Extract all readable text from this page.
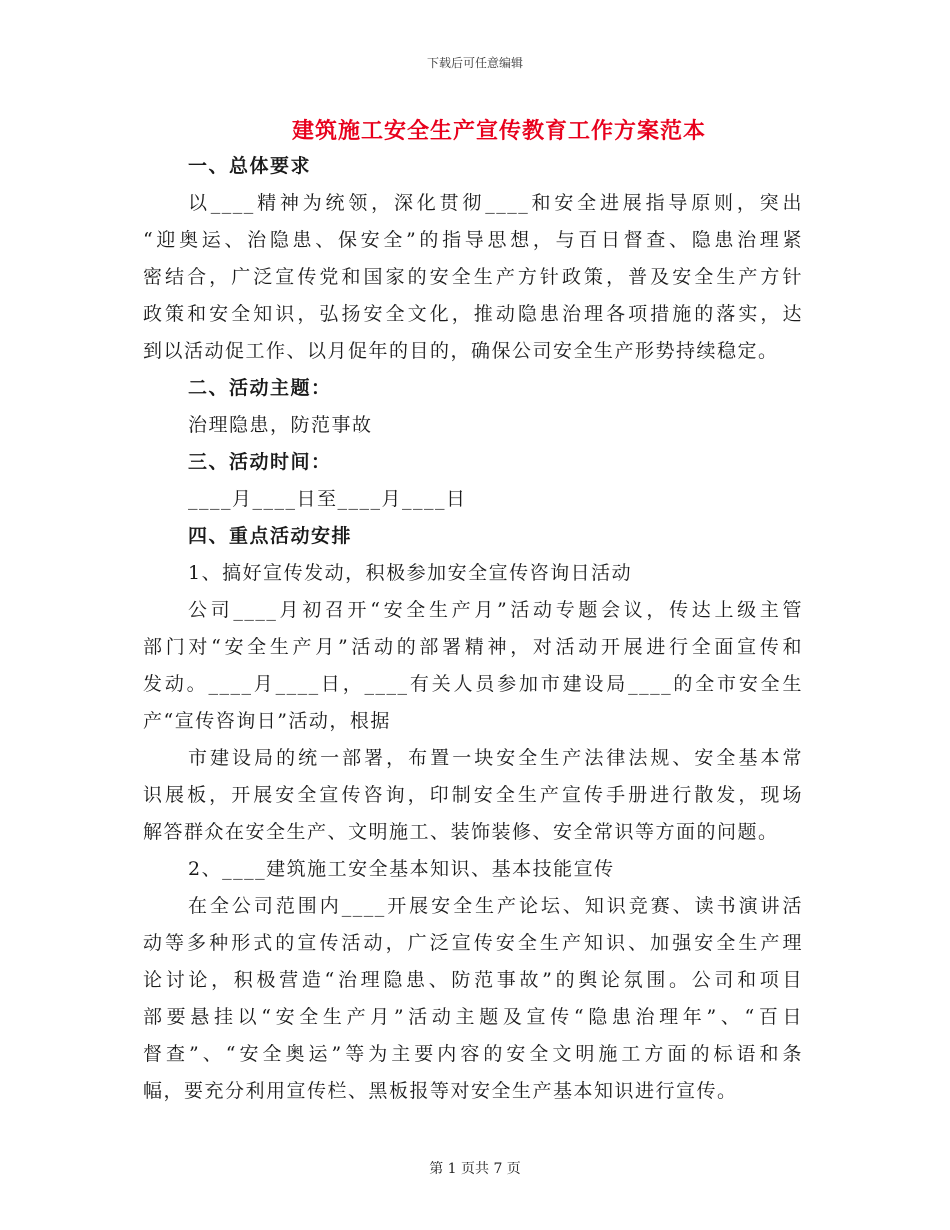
下载后可任意编辑
建筑施工安全生产宣传教育工作方案范本
一、总体要求
以____精神为统领，深化贯彻____和安全进展指导原则，突出
“迎奥运、治隐患、保安全”的指导思想，与百日督查、隐患治理紧
密结合，广泛宣传党和国家的安全生产方针政策，普及安全生产方针
政策和安全知识，弘扬安全文化，推动隐患治理各项措施的落实，达
到以活动促工作、以月促年的目的，确保公司安全生产形势持续稳定。
二、活动主题：
治理隐患，防范事故
三、活动时间：
____月____日至____月____日
四、重点活动安排
1、搞好宣传发动，积极参加安全宣传咨询日活动
公司____月初召开“安全生产月”活动专题会议，传达上级主管
部门对“安全生产月”活动的部署精神，对活动开展进行全面宣传和
发动。____月____日，____有关人员参加市建设局____的全市安全生
产“宣传咨询日”活动，根据
市建设局的统一部署，布置一块安全生产法律法规、安全基本常
识展板，开展安全宣传咨询，印制安全生产宣传手册进行散发，现场
解答群众在安全生产、文明施工、装饰装修、安全常识等方面的问题。
2、____建筑施工安全基本知识、基本技能宣传
在全公司范围内____开展安全生产论坛、知识竞赛、读书演讲活
动等多种形式的宣传活动，广泛宣传安全生产知识、加强安全生产理
论讨论，积极营造“治理隐患、防范事故”的舆论氛围。公司和项目
部要悬挂以“安全生产月”活动主题及宣传“隐患治理年”、“百日
督查”、“安全奥运”等为主要内容的安全文明施工方面的标语和条
幅，要充分利用宣传栏、黑板报等对安全生产基本知识进行宣传。
第 1 页共 7 页
